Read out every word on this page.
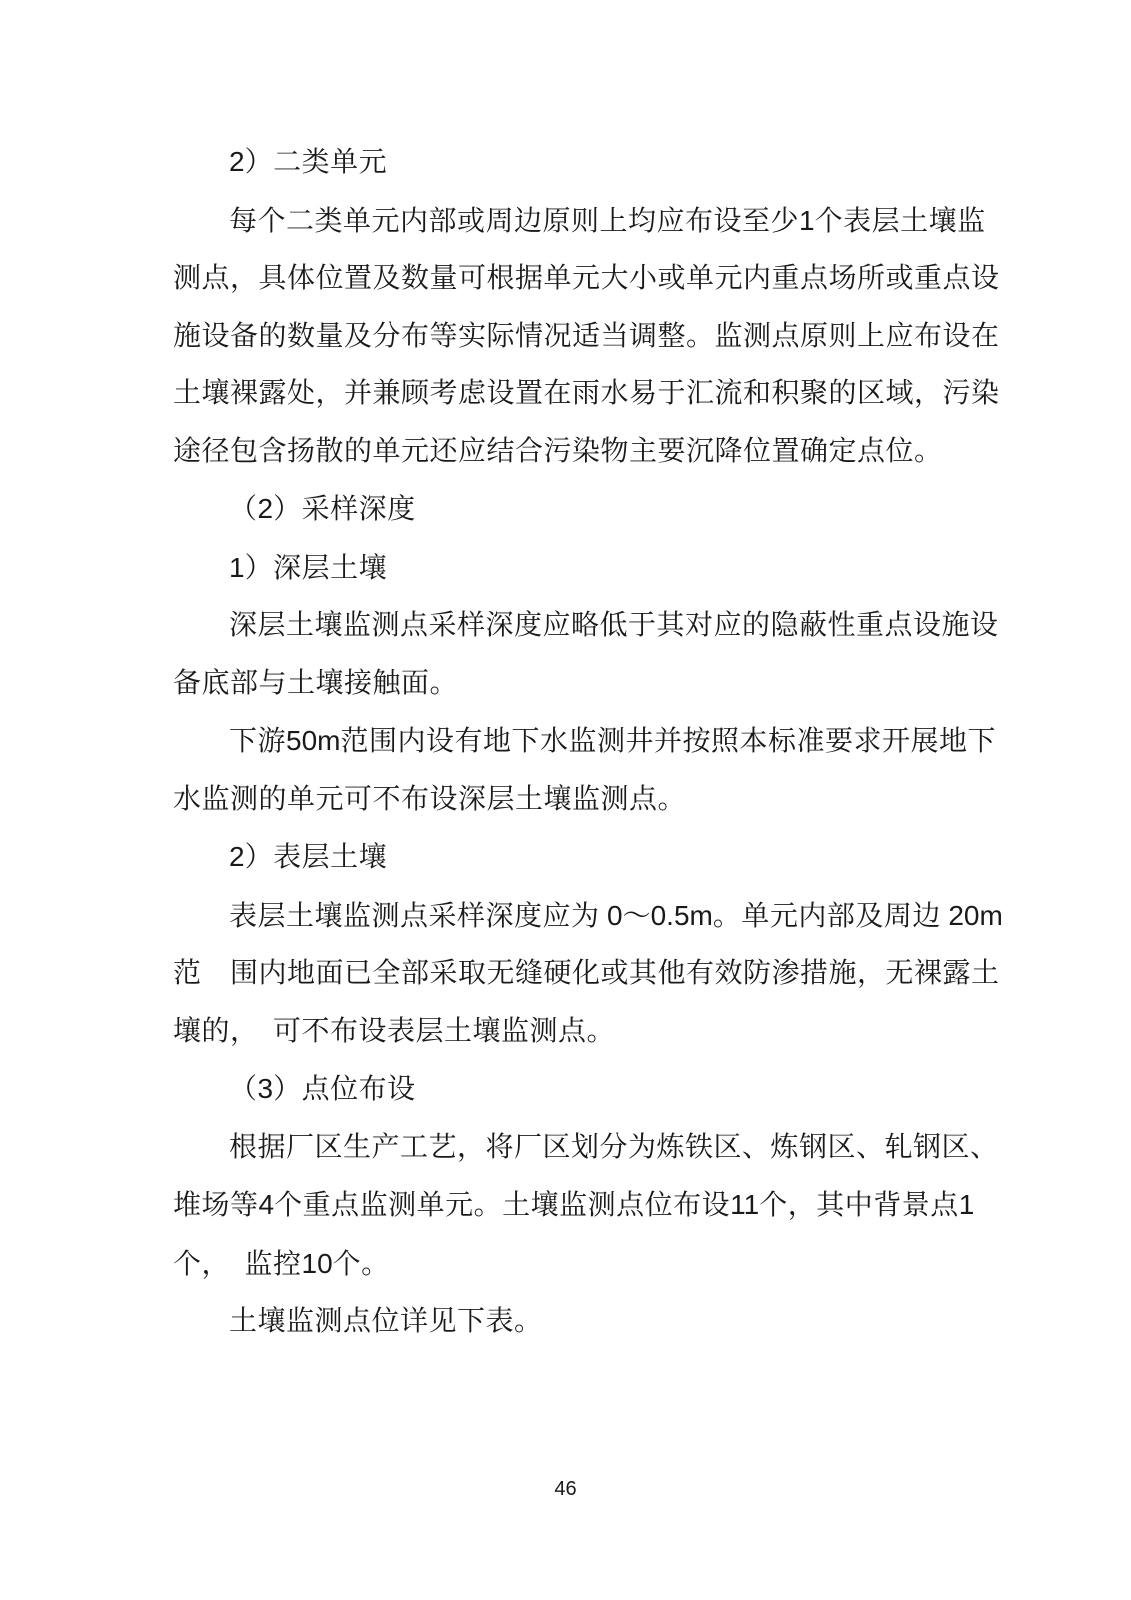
2）二类单元

每个二类单元内部或周边原则上均应布设至少1个表层土壤监测点，具体位置及数量可根据单元大小或单元内重点场所或重点设施设备的数量及分布等实际情况适当调整。监测点原则上应布设在土壤裸露处，并兼顾考虑设置在雨水易于汇流和积聚的区域，污染途径包含扬散的单元还应结合污染物主要沉降位置确定点位。

（2）采样深度

1）深层土壤

深层土壤监测点采样深度应略低于其对应的隐蔽性重点设施设备底部与土壤接触面。

下游50m范围内设有地下水监测井并按照本标准要求开展地下水监测的单元可不布设深层土壤监测点。

2）表层土壤

表层土壤监测点采样深度应为 0～0.5m。单元内部及周边 20m范　围内地面已全部采取无缝硬化或其他有效防渗措施，无裸露土壤的，　可不布设表层土壤监测点。

（3）点位布设

根据厂区生产工艺，将厂区划分为炼铁区、炼钢区、轧钢区、堆场等4个重点监测单元。土壤监测点位布设11个，其中背景点1个，　监控10个。

土壤监测点位详见下表。

46
